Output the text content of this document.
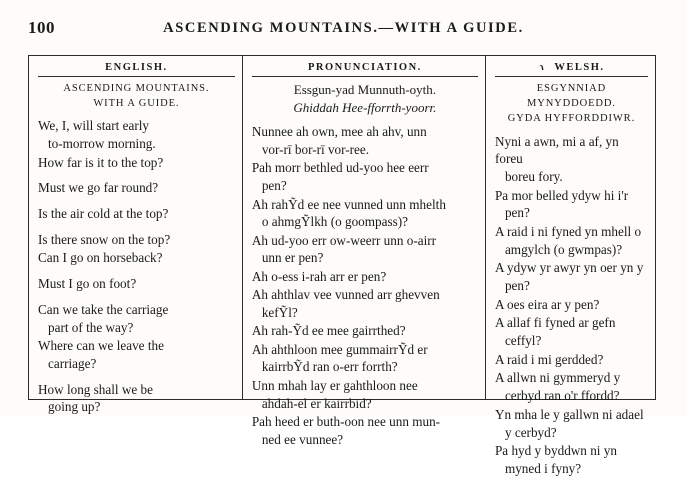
100	ASCENDING MOUNTAINS.—WITH A GUIDE.
ENGLISH.
ASCENDING MOUNTAINS.
WITH A GUIDE.
We, I, will start early
to-morrow morning.
How far is it to the top?
Must we go far round?
Is the air cold at the top?
Is there snow on the top?
Can I go on horseback?
Must I go on foot?
Can we take the carriage
part of the way?
Where can we leave the
carriage?
How long shall we be
going up?
PRONUNCIATION.
Essgun-yad Munnuth-oyth.
Ghiddah Hee-fforrth-yoorr.
Nunnee ah own, mee ah ahv, unn
vor-rī bor-rī vor-ree.
Pah morr bethled ud-yoo hee eerr
pen?
Ah rahỸd ee nee vunned unn mhelth
o ahmgỸlkh (o goompass)?
Ah ud-yoo err ow-weerr unn o-airr
unn er pen?
Ah o-ess i-rah arr er pen?
Ah ahthlav vee vunned arr ghevven
kefỸl?
Ah rah-Ỹd ee mee gairrthed?
Ah ahthloon mee gummairrỸd er
kairrbỸd ran o-err forrth?
Unn mhah lay er gahthloon nee
ahdah-el er kairrbid?
Pah heed er buth-oon nee unn mun-
ned ee vunnee?
ɾ WELSH.
ESGYNNIAD MYNYDDOEDD.
GYDA HYFFORDDIWR.
Nyni a awn, mi a af, yn foreu
boreu fory.
Pa mor belled ydyw hi i'r
pen?
A raid i ni fyned yn mhell o
amgylch (o gwmpas)?
A ydyw yr awyr yn oer yn y
pen?
A oes eira ar y pen?
A allaf fi fyned ar gefn
ceffyl?
A raid i mi gerdded?
A allwn ni gymmeryd y
cerbyd ran o'r ffordd?
Yn mha le y gallwn ni adael
y cerbyd?
Pa hyd y byddwn ni yn
myned i fyny?
